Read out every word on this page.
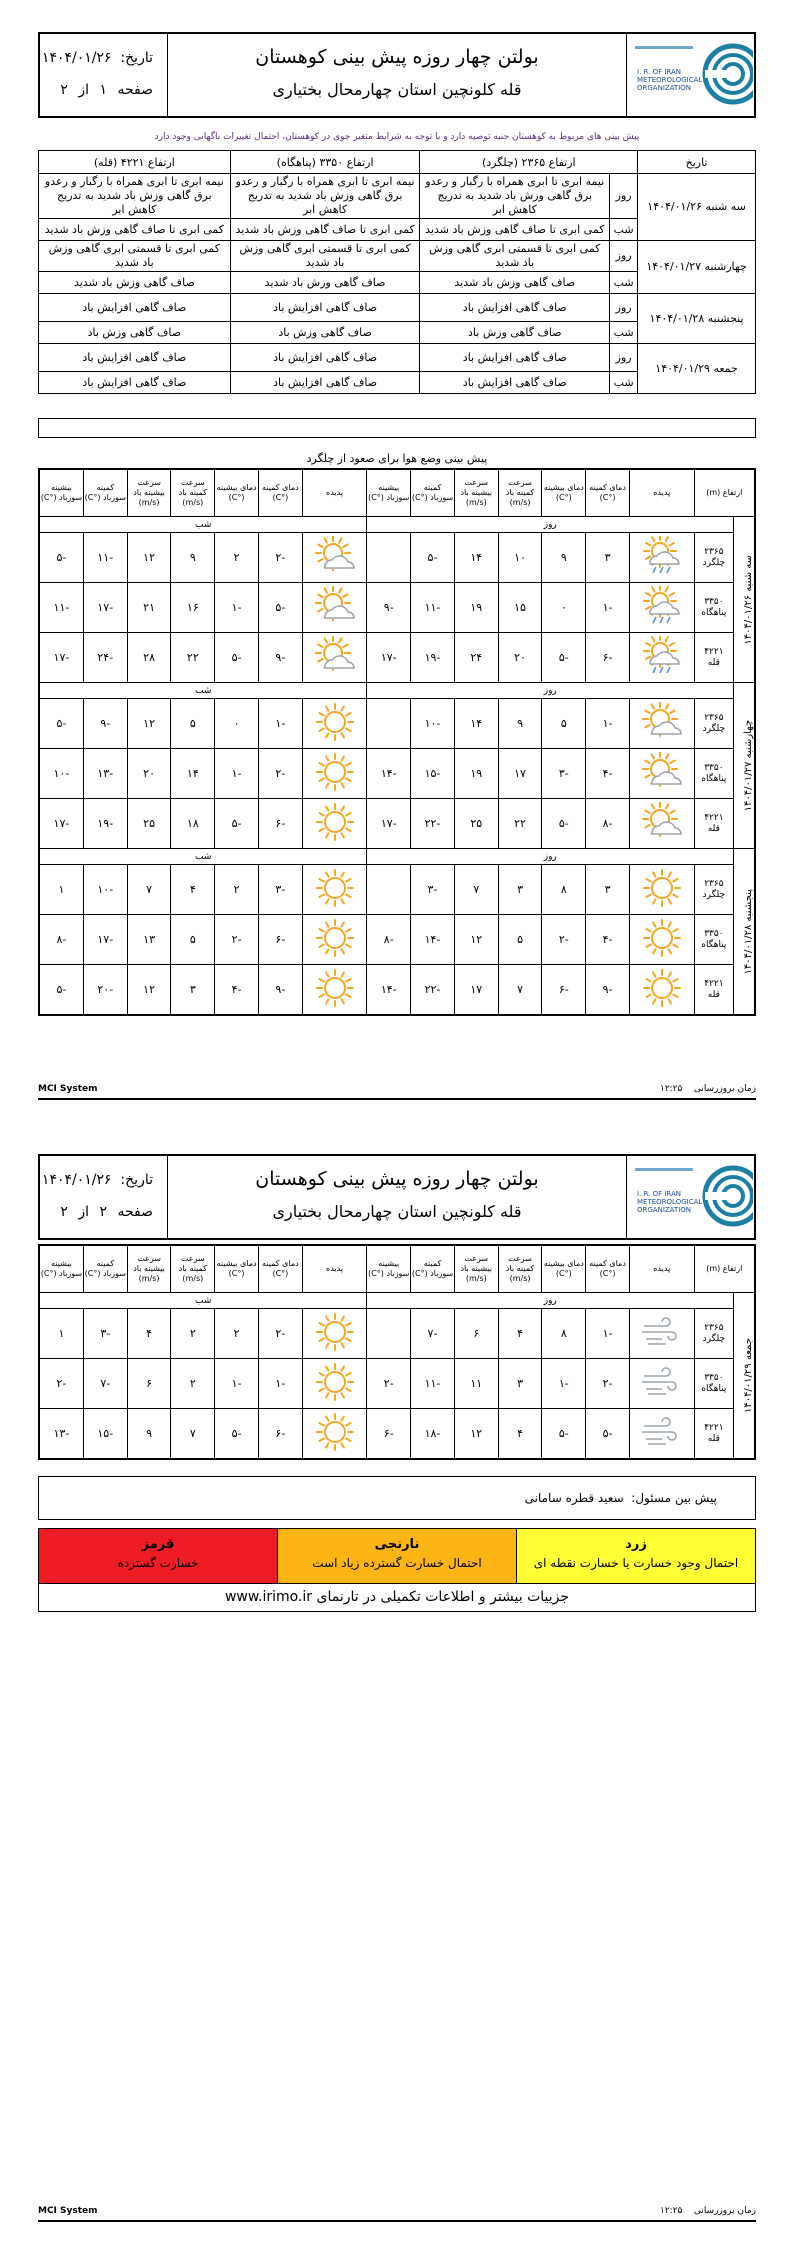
تاریخ:  ۱۴۰۴/۰۱/۲۶
صفحه ۱ از ۲
بولتن چهار روزه پیش بینی کوهستان
قله کلونچین استان چهارمحال بختیاری
I. R. OF IRAN
METEOROLOGICAL
ORGANIZATION
پیش بینی های مربوط به کوهستان جنبه توصیه دارد و با توجه به شرایط متغیر جوی در کوهستان، احتمال تغییرات ناگهانی وجود دارد
تاریخ	ارتفاع ۲۳۶۵ (چلگرد)		ارتفاع ۳۳۵۰ (پناهگاه)	ارتفاع ۴۲۲۱ (قله)
سه شنبه ۱۴۰۴/۰۱/۲۶	روز	نیمه ابری تا ابری همراه با رگبار و رعدو برق گاهی وزش باد شدید به تدریج کاهش ابر	نیمه ابری تا ابری همراه با رگبار و رعدو برق گاهی وزش باد شدید به تدریج کاهش ابر	نیمه ابری تا ابری همراه با رگبار و رعدو برق گاهی وزش باد شدید به تدریج کاهش ابر
	شب	کمی ابری تا صاف گاهی وزش باد شدید	کمی ابری تا صاف گاهی وزش باد شدید	کمی ابری تا صاف گاهی وزش باد شدید
چهارشنبه ۱۴۰۴/۰۱/۲۷	روز	کمی ابری تا قسمتی ابری گاهی وزش باد شدید	کمی ابری تا قسمتی ابری گاهی وزش باد شدید	کمی ابری تا قسمتی ابری گاهی وزش باد شدید
	شب	صاف گاهی وزش باد شدید	صاف گاهی وزش باد شدید	صاف گاهی وزش باد شدید
پنجشنبه ۱۴۰۴/۰۱/۲۸	روز	صاف گاهی افزایش باد	صاف گاهی افزایش باد	صاف گاهی افزایش باد
	شب	صاف گاهی وزش باد	صاف گاهی وزش باد	صاف گاهی وزش باد
جمعه ۱۴۰۴/۰۱/۲۹	روز	صاف گاهی افزایش باد	صاف گاهی افزایش باد	صاف گاهی افزایش باد
	شب	صاف گاهی افزایش باد	صاف گاهی افزایش باد	صاف گاهی افزایش باد
پیش بینی وضع هوا برای صعود از چلگرد
ارتفاع (m)		پدیده	دمای کمینه (°C)	دمای بیشینه (°C)	سرعت کمینه باد (m/s)	سرعت بیشینه باد (m/s)	کمینه سوزباد (°C)	بیشینه سوزباد (°C)	پدیده	دمای کمینه (°C)	دمای بیشینه (°C)	سرعت کمینه باد (m/s)	سرعت بیشینه باد (m/s)	کمینه سوزباد (°C)	بیشینه سوزباد (°C)

سه شنبه ۱۴۰۴/۰۱/۲۶	روز								شب						

	۲۳۶۵
چلگرد		۳	۹	۱۰	۱۴	-۵			-۲	۲	۹	۱۲	-۱۱	-۵

	۳۳۵۰
پناهگاه		-۱	۰	۱۵	۱۹	-۱۱	-۹		-۵	-۱	۱۶	۲۱	-۱۷	-۱۱

	۴۲۲۱
قله		-۶	-۵	۲۰	۲۴	-۱۹	-۱۷		-۹	-۵	۲۲	۲۸	-۲۴	-۱۷

چهارشنبه ۱۴۰۴/۰۱/۲۷	روز								شب						

	۲۳۶۵
چلگرد		-۱	۵	۹	۱۴	-۱۰			-۱	۰	۵	۱۲	-۹	-۵

	۳۳۵۰
پناهگاه		-۴	-۳	۱۷	۱۹	-۱۵	-۱۴		-۲	-۱	۱۴	۲۰	-۱۳	-۱۰

	۴۲۲۱
قله		-۸	-۵	۲۲	۲۵	-۲۲	-۱۷		-۶	-۵	۱۸	۲۵	-۱۹	-۱۷

پنجشنبه ۱۴۰۴/۰۱/۲۸	روز								شب						

	۲۳۶۵
چلگرد		۳	۸	۳	۷	-۳			-۳	۲	۴	۷	-۱۰	۱

	۳۳۵۰
پناهگاه		-۴	-۲	۵	۱۲	-۱۴	-۸		-۶	-۲	۵	۱۳	-۱۷	-۸

	۴۲۲۱
قله		-۹	-۶	۷	۱۷	-۲۲	-۱۴		-۹	-۴	۳	۱۲	-۲۰	-۵
MCI System	زمان بروزرسانی    ۱۲:۲۵
تاریخ:  ۱۴۰۴/۰۱/۲۶
صفحه ۲ از ۲
بولتن چهار روزه پیش بینی کوهستان
قله کلونچین استان چهارمحال بختیاری
I. R. OF IRAN
METEOROLOGICAL
ORGANIZATION
ارتفاع (m)		پدیده	دمای کمینه (°C)	دمای بیشینه (°C)	سرعت کمینه باد (m/s)	سرعت بیشینه باد (m/s)	کمینه سوزباد (°C)	بیشینه سوزباد (°C)	پدیده	دمای کمینه (°C)	دمای بیشینه (°C)	سرعت کمینه باد (m/s)	سرعت بیشینه باد (m/s)	کمینه سوزباد (°C)	بیشینه سوزباد (°C)

جمعه ۱۴۰۴/۰۱/۲۹	روز								شب						

	۲۳۶۵
چلگرد		-۱	۸	۴	۶	-۷			-۲	۲	۲	۴	-۳	۱

	۳۳۵۰
پناهگاه		-۲	-۱	۳	۱۱	-۱۱	-۲		-۱	-۱	۲	۶	-۷	-۲

	۴۲۲۱
قله		-۵	-۵	۴	۱۲	-۱۸	-۶		-۶	-۵	۷	۹	-۱۵	-۱۳
پیش بین مسئول:  سعید قطره سامانی
زرد
احتمال وجود خسارت یا خسارت نقطه ای
نارنجی
احتمال خسارت گسترده زیاد است
قرمز
خسارت گسترده
جزییات بیشتر و اطلاعات تکمیلی در تارنمای www.irimo.ir
MCI System	زمان بروزرسانی    ۱۲:۲۵
